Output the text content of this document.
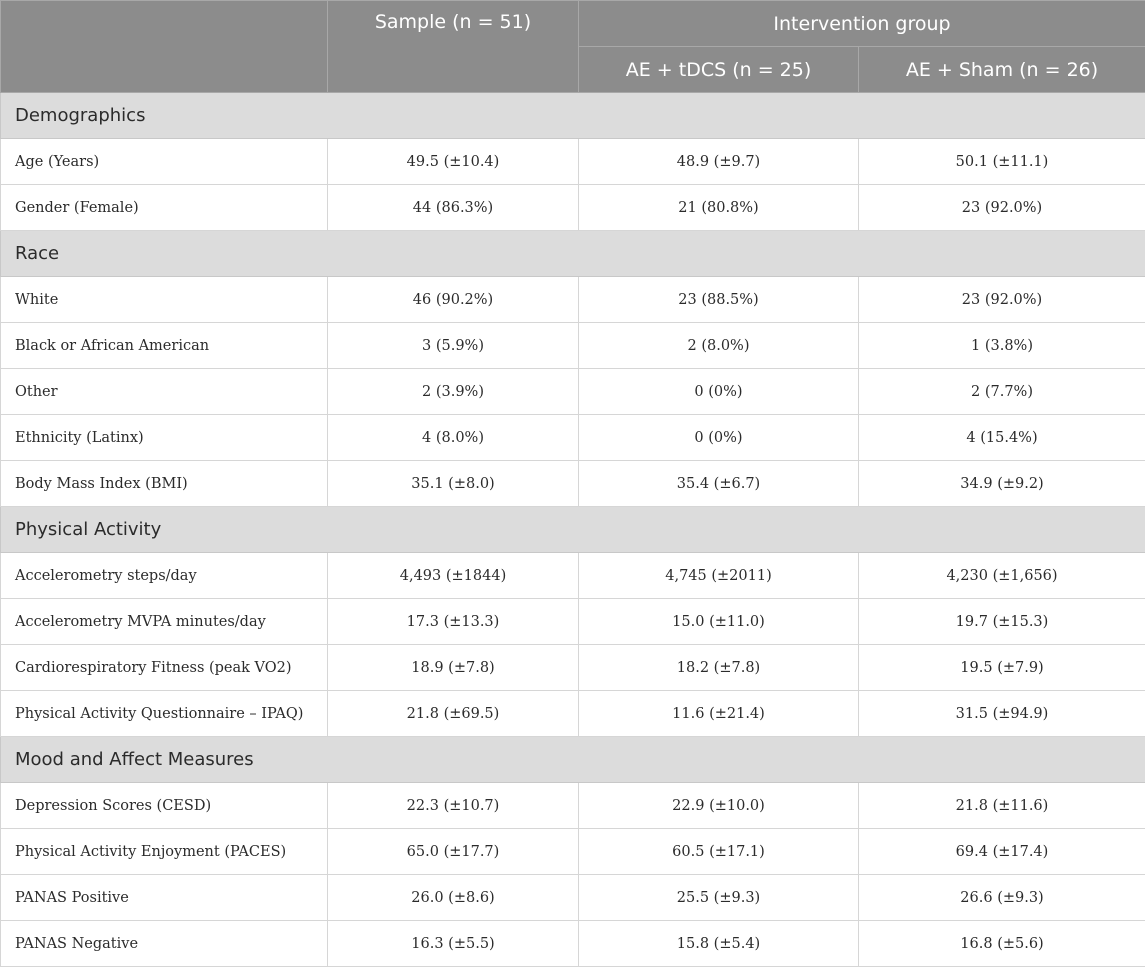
	Sample (n = 51)	Intervention group	
		AE + tDCS (n = 25)	AE + Sham (n = 26)
Demographics			
Age (Years)	49.5 (±10.4)	48.9 (±9.7)	50.1 (±11.1)
Gender (Female)	44 (86.3%)	21 (80.8%)	23 (92.0%)
Race			
White	46 (90.2%)	23 (88.5%)	23 (92.0%)
Black or African American	3 (5.9%)	2 (8.0%)	1 (3.8%)
Other	2 (3.9%)	0 (0%)	2 (7.7%)
Ethnicity (Latinx)	4 (8.0%)	0 (0%)	4 (15.4%)
Body Mass Index (BMI)	35.1 (±8.0)	35.4 (±6.7)	34.9 (±9.2)
Physical Activity			
Accelerometry steps/day	4,493 (±1844)	4,745 (±2011)	4,230 (±1,656)
Accelerometry MVPA minutes/day	17.3 (±13.3)	15.0 (±11.0)	19.7 (±15.3)
Cardiorespiratory Fitness (peak VO2)	18.9 (±7.8)	18.2 (±7.8)	19.5 (±7.9)
Physical Activity Questionnaire – IPAQ)	21.8 (±69.5)	11.6 (±21.4)	31.5 (±94.9)
Mood and Affect Measures			
Depression Scores (CESD)	22.3 (±10.7)	22.9 (±10.0)	21.8 (±11.6)
Physical Activity Enjoyment (PACES)	65.0 (±17.7)	60.5 (±17.1)	69.4 (±17.4)
PANAS Positive	26.0 (±8.6)	25.5 (±9.3)	26.6 (±9.3)
PANAS Negative	16.3 (±5.5)	15.8 (±5.4)	16.8 (±5.6)
